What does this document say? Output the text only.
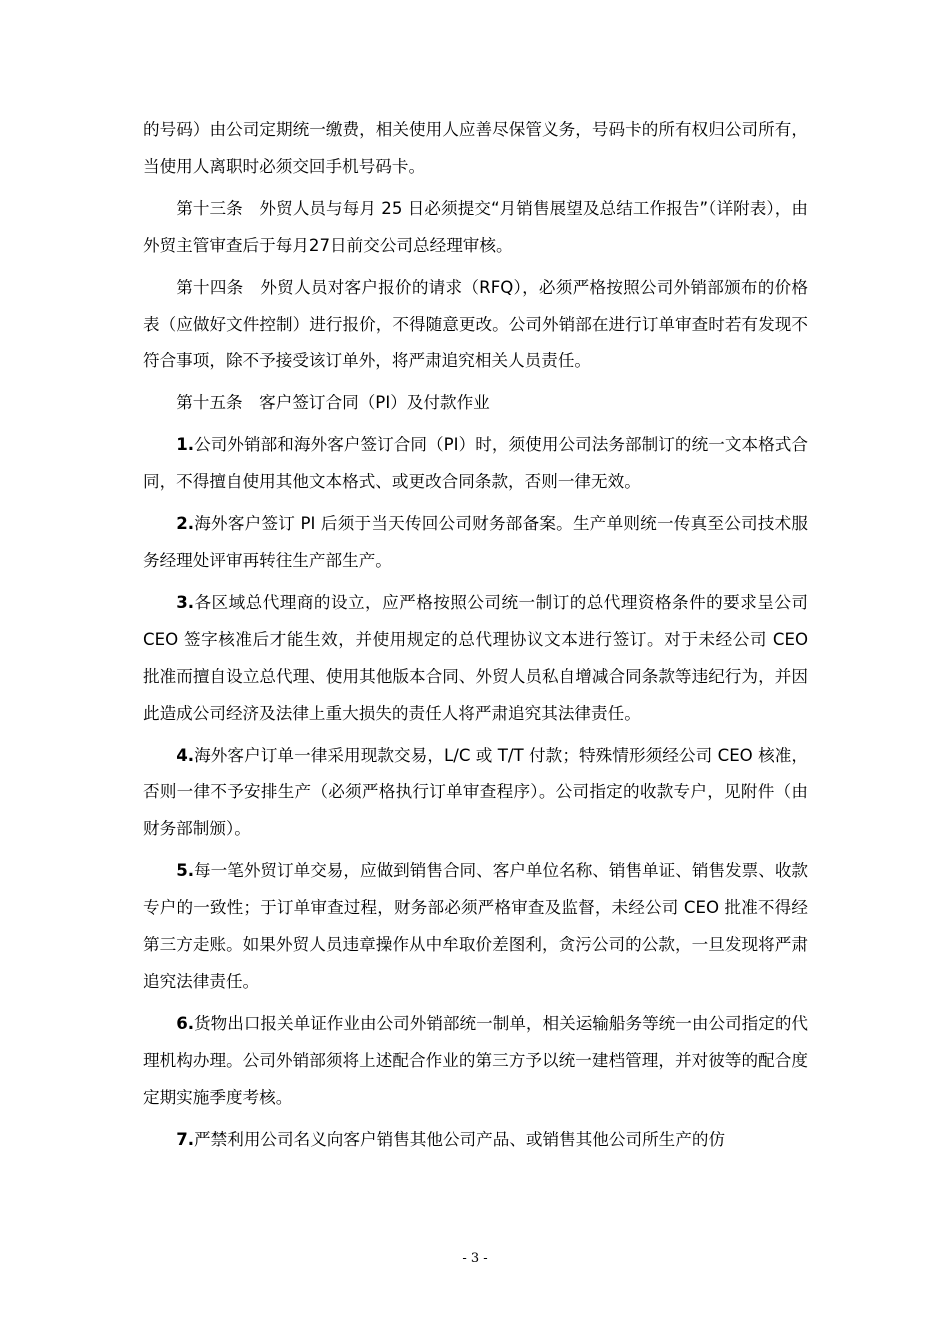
的号码）由公司定期统一缴费，相关使用人应善尽保管义务，号码卡的所有权归公司所有，当使用人离职时必须交回手机号码卡。

第十三条　外贸人员与每月 25 日必须提交“月销售展望及总结工作报告”（详附表），由外贸主管审查后于每月27日前交公司总经理审核。

第十四条　外贸人员对客户报价的请求（RFQ），必须严格按照公司外销部颁布的价格表（应做好文件控制）进行报价，不得随意更改。公司外销部在进行订单审查时若有发现不符合事项，除不予接受该订单外，将严肃追究相关人员责任。

第十五条　客户签订合同（PI）及付款作业

1.公司外销部和海外客户签订合同（PI）时，须使用公司法务部制订的统一文本格式合同，不得擅自使用其他文本格式、或更改合同条款，否则一律无效。

2.海外客户签订 PI 后须于当天传回公司财务部备案。生产单则统一传真至公司技术服务经理处评审再转往生产部生产。

3.各区域总代理商的设立，应严格按照公司统一制订的总代理资格条件的要求呈公司 CEO 签字核准后才能生效，并使用规定的总代理协议文本进行签订。对于未经公司 CEO 批准而擅自设立总代理、使用其他版本合同、外贸人员私自增减合同条款等违纪行为，并因此造成公司经济及法律上重大损失的责任人将严肃追究其法律责任。

4.海外客户订单一律采用现款交易，L/C 或 T/T 付款；特殊情形须经公司 CEO 核准，否则一律不予安排生产（必须严格执行订单审查程序）。公司指定的收款专户，见附件（由财务部制颁）。

5.每一笔外贸订单交易，应做到销售合同、客户单位名称、销售单证、销售发票、收款专户的一致性；于订单审查过程，财务部必须严格审查及监督，未经公司 CEO 批准不得经第三方走账。如果外贸人员违章操作从中牟取价差图利，贪污公司的公款，一旦发现将严肃追究法律责任。

6.货物出口报关单证作业由公司外销部统一制单，相关运输船务等统一由公司指定的代理机构办理。公司外销部须将上述配合作业的第三方予以统一建档管理，并对彼等的配合度定期实施季度考核。

7.严禁利用公司名义向客户销售其他公司产品、或销售其他公司所生产的仿

- 3 -
